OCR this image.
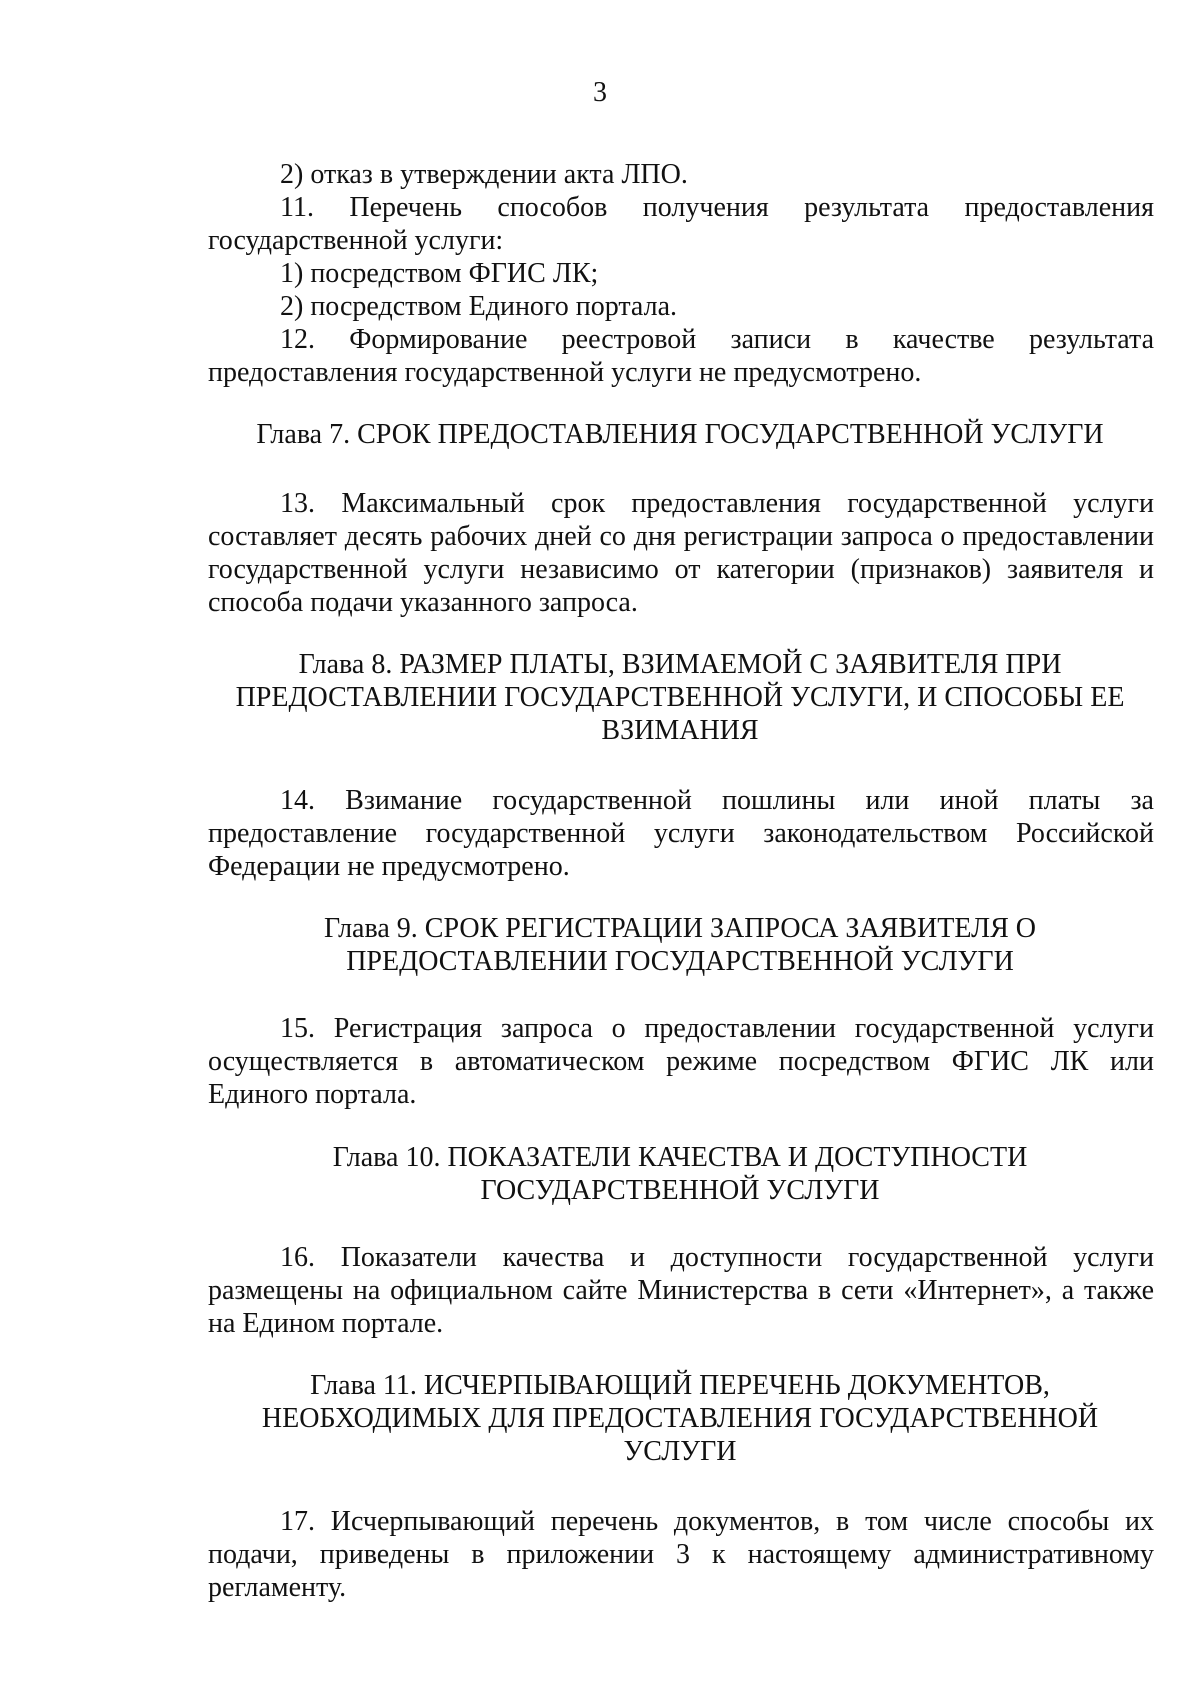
3

2) отказ в утверждении акта ЛПО.

11. Перечень способов получения результата предоставления государственной услуги:

1) посредством ФГИС ЛК;

2) посредством Единого портала.

12. Формирование реестровой записи в качестве результата предоставления государственной услуги не предусмотрено.

Глава 7. СРОК ПРЕДОСТАВЛЕНИЯ ГОСУДАРСТВЕННОЙ УСЛУГИ

13. Максимальный срок предоставления государственной услуги составляет десять рабочих дней со дня регистрации запроса о предоставлении государственной услуги независимо от категории (признаков) заявителя и способа подачи указанного запроса.

Глава 8. РАЗМЕР ПЛАТЫ, ВЗИМАЕМОЙ С ЗАЯВИТЕЛЯ ПРИ ПРЕДОСТАВЛЕНИИ ГОСУДАРСТВЕННОЙ УСЛУГИ, И СПОСОБЫ ЕЕ ВЗИМАНИЯ

14. Взимание государственной пошлины или иной платы за предоставление государственной услуги законодательством Российской Федерации не предусмотрено.

Глава 9. СРОК РЕГИСТРАЦИИ ЗАПРОСА ЗАЯВИТЕЛЯ О ПРЕДОСТАВЛЕНИИ ГОСУДАРСТВЕННОЙ УСЛУГИ

15. Регистрация запроса о предоставлении государственной услуги осуществляется в автоматическом режиме посредством ФГИС ЛК или Единого портала.

Глава 10. ПОКАЗАТЕЛИ КАЧЕСТВА И ДОСТУПНОСТИ ГОСУДАРСТВЕННОЙ УСЛУГИ

16. Показатели качества и доступности государственной услуги размещены на официальном сайте Министерства в сети «Интернет», а также на Едином портале.

Глава 11. ИСЧЕРПЫВАЮЩИЙ ПЕРЕЧЕНЬ ДОКУМЕНТОВ, НЕОБХОДИМЫХ ДЛЯ ПРЕДОСТАВЛЕНИЯ ГОСУДАРСТВЕННОЙ УСЛУГИ

17. Исчерпывающий перечень документов, в том числе способы их подачи, приведены в приложении 3 к настоящему административному регламенту.
